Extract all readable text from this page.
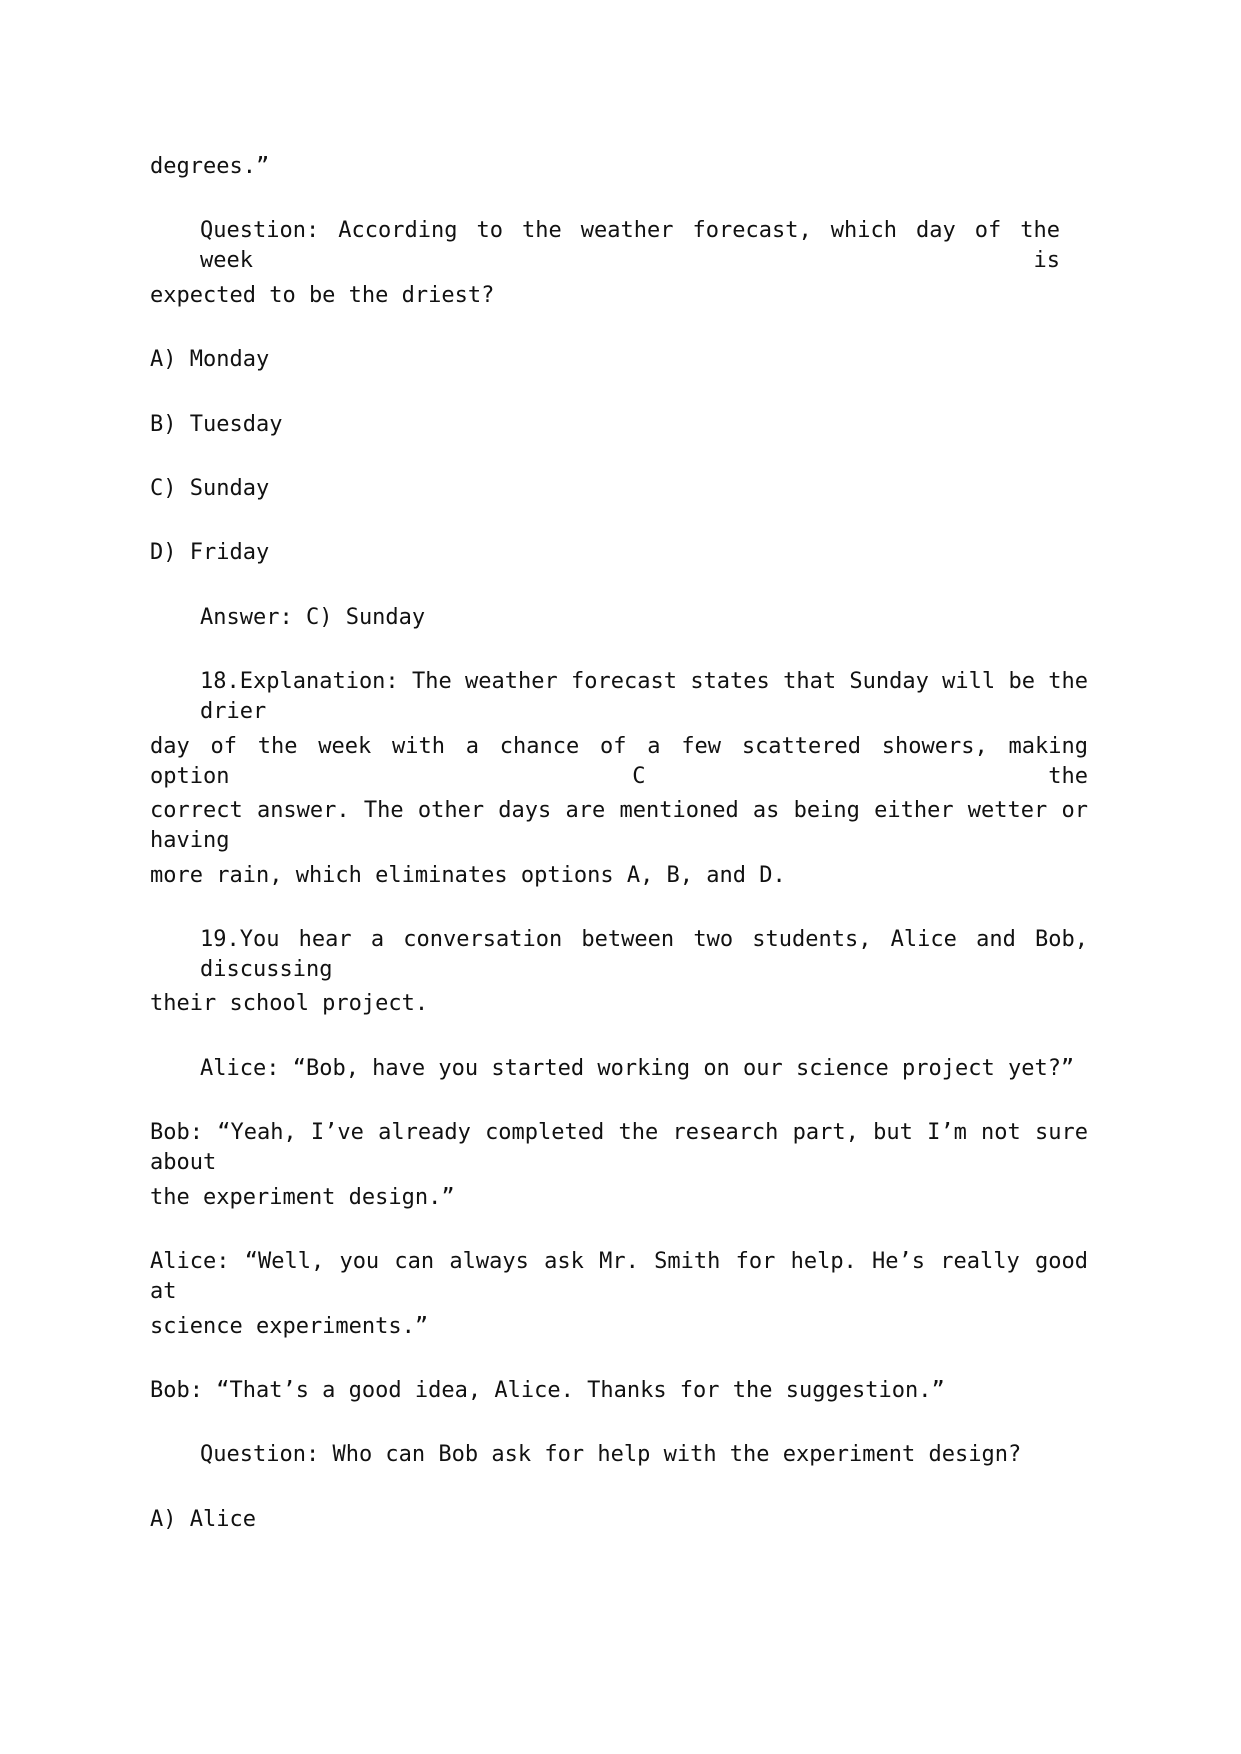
degrees.”
Question: According to the weather forecast, which day of the week is
expected to be the driest?
A) Monday
B) Tuesday
C) Sunday
D) Friday
Answer: C) Sunday
18.Explanation: The weather forecast states that Sunday will be the drier
day of the week with a chance of a few scattered showers, making option C the
correct answer. The other days are mentioned as being either wetter or having
more rain, which eliminates options A, B, and D.
19.You hear a conversation between two students, Alice and Bob, discussing
their school project.
Alice: “Bob, have you started working on our science project yet?”
Bob: “Yeah, I’ve already completed the research part, but I’m not sure about
the experiment design.”
Alice: “Well, you can always ask Mr. Smith for help. He’s really good at
science experiments.”
Bob: “That’s a good idea, Alice. Thanks for the suggestion.”
Question: Who can Bob ask for help with the experiment design?
A) Alice
